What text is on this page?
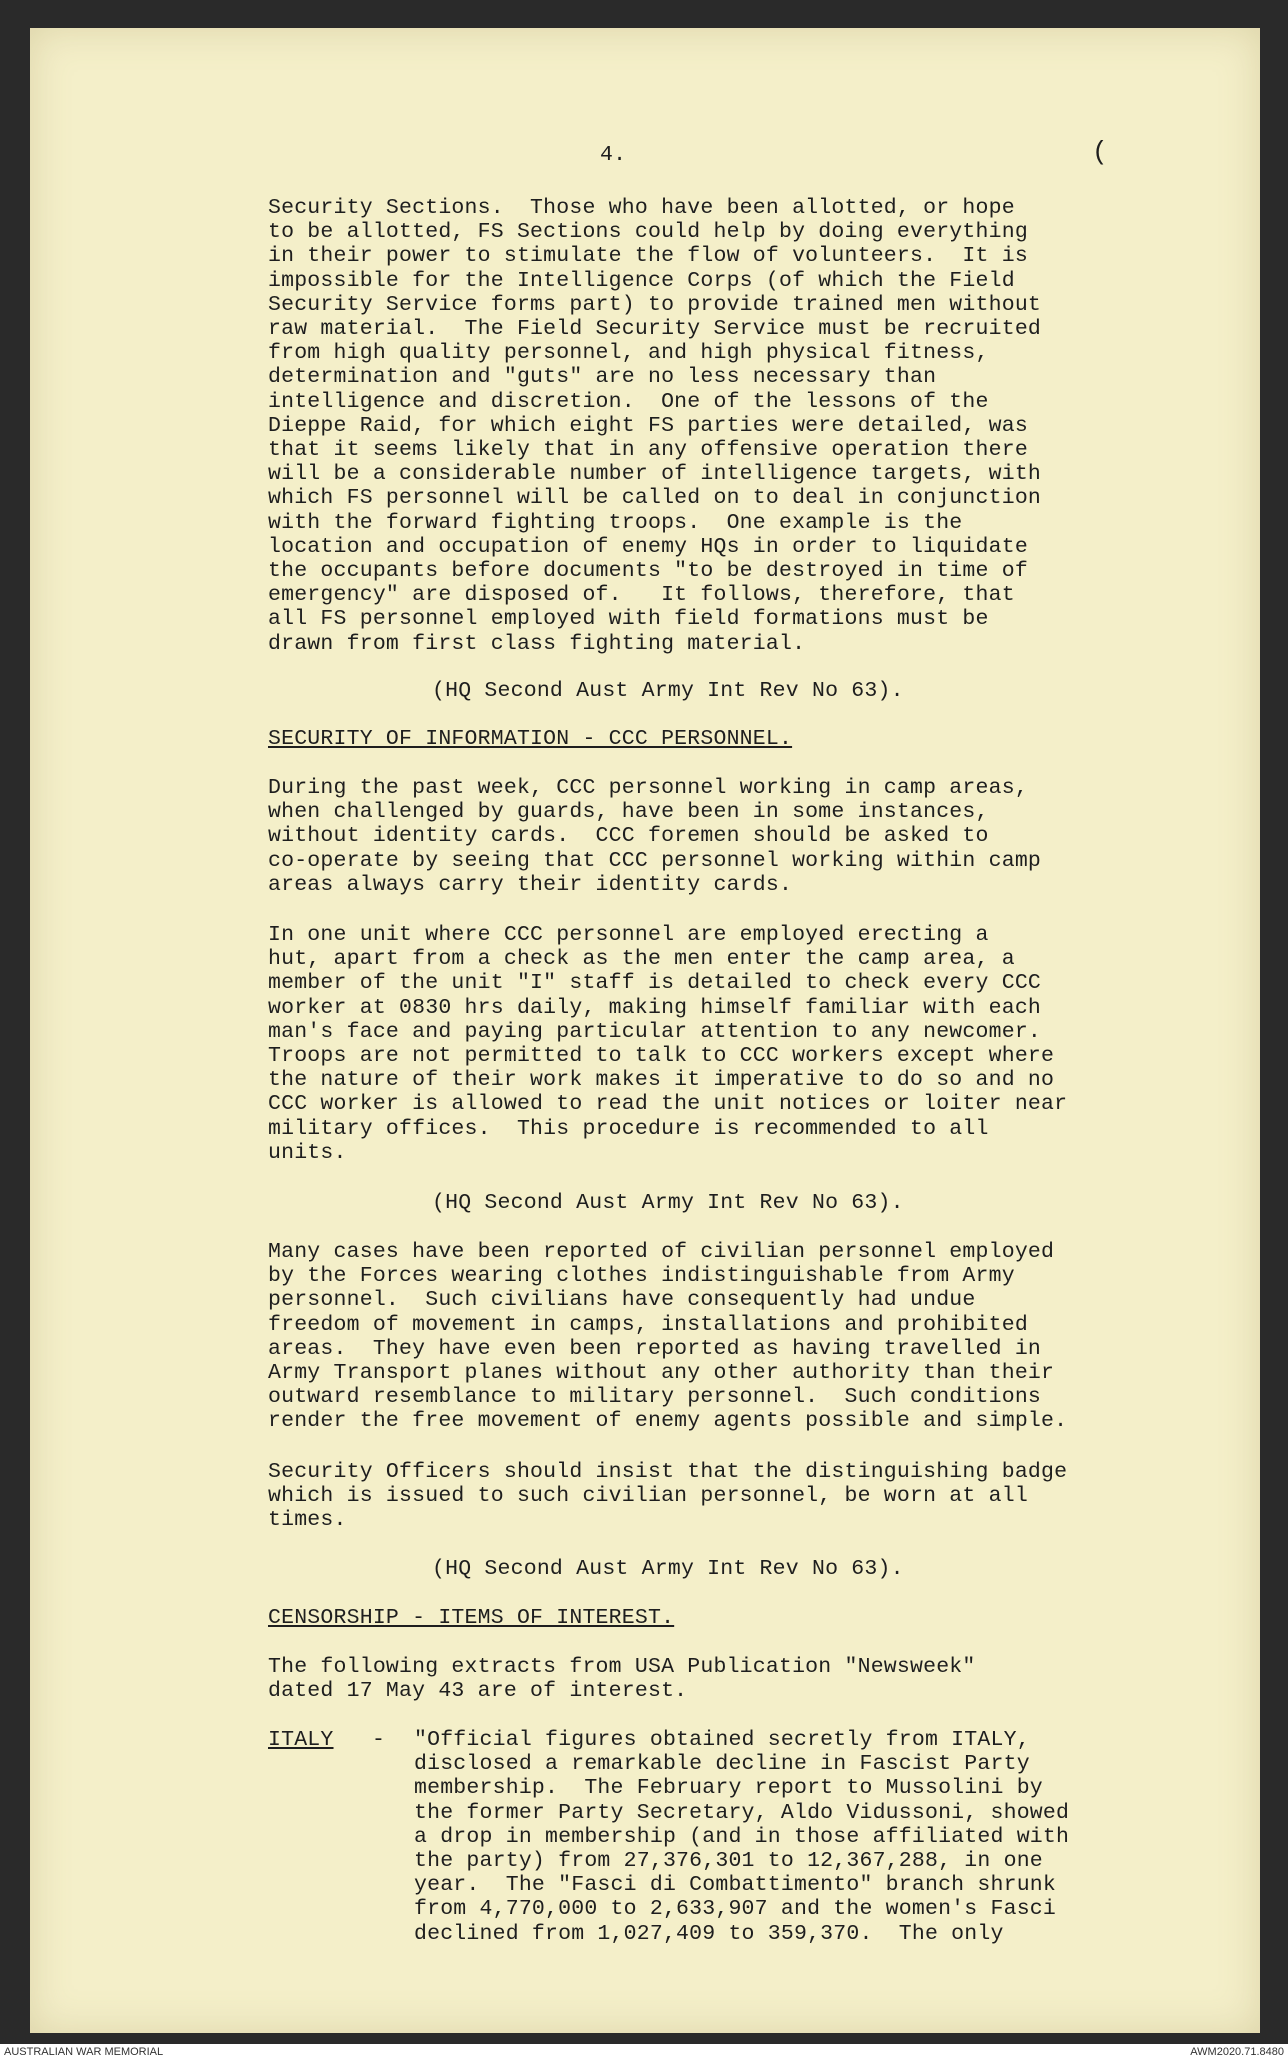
4.	(
Security Sections.  Those who have been allotted, or hope
to be allotted, FS Sections could help by doing everything
in their power to stimulate the flow of volunteers.  It is
impossible for the Intelligence Corps (of which the Field
Security Service forms part) to provide trained men without
raw material.  The Field Security Service must be recruited
from high quality personnel, and high physical fitness,
determination and "guts" are no less necessary than
intelligence and discretion.  One of the lessons of the
Dieppe Raid, for which eight FS parties were detailed, was
that it seems likely that in any offensive operation there
will be a considerable number of intelligence targets, with
which FS personnel will be called on to deal in conjunction
with the forward fighting troops.  One example is the
location and occupation of enemy HQs in order to liquidate
the occupants before documents "to be destroyed in time of
emergency" are disposed of.   It follows, therefore, that
all FS personnel employed with field formations must be
drawn from first class fighting material.
(HQ Second Aust Army Int Rev No 63).
SECURITY OF INFORMATION - CCC PERSONNEL.
During the past week, CCC personnel working in camp areas,
when challenged by guards, have been in some instances,
without identity cards.  CCC foremen should be asked to
co-operate by seeing that CCC personnel working within camp
areas always carry their identity cards.
In one unit where CCC personnel are employed erecting a
hut, apart from a check as the men enter the camp area, a
member of the unit "I" staff is detailed to check every CCC
worker at 0830 hrs daily, making himself familiar with each
man's face and paying particular attention to any newcomer.
Troops are not permitted to talk to CCC workers except where
the nature of their work makes it imperative to do so and no
CCC worker is allowed to read the unit notices or loiter near
military offices.  This procedure is recommended to all
units.
(HQ Second Aust Army Int Rev No 63).
Many cases have been reported of civilian personnel employed
by the Forces wearing clothes indistinguishable from Army
personnel.  Such civilians have consequently had undue
freedom of movement in camps, installations and prohibited
areas.  They have even been reported as having travelled in
Army Transport planes without any other authority than their
outward resemblance to military personnel.  Such conditions
render the free movement of enemy agents possible and simple.
Security Officers should insist that the distinguishing badge
which is issued to such civilian personnel, be worn at all
times.
(HQ Second Aust Army Int Rev No 63).
CENSORSHIP - ITEMS OF INTEREST.
The following extracts from USA Publication "Newsweek"
dated 17 May 43 are of interest.
ITALY - "Official figures obtained secretly from ITALY,
disclosed a remarkable decline in Fascist Party
membership.  The February report to Mussolini by
the former Party Secretary, Aldo Vidussoni, showed
a drop in membership (and in those affiliated with
the party) from 27,376,301 to 12,367,288, in one
year.  The "Fasci di Combattimento" branch shrunk
from 4,770,000 to 2,633,907 and the women's Fasci
declined from 1,027,409 to 359,370.  The only
AUSTRALIAN WAR MEMORIAL	AWM2020.71.8480
